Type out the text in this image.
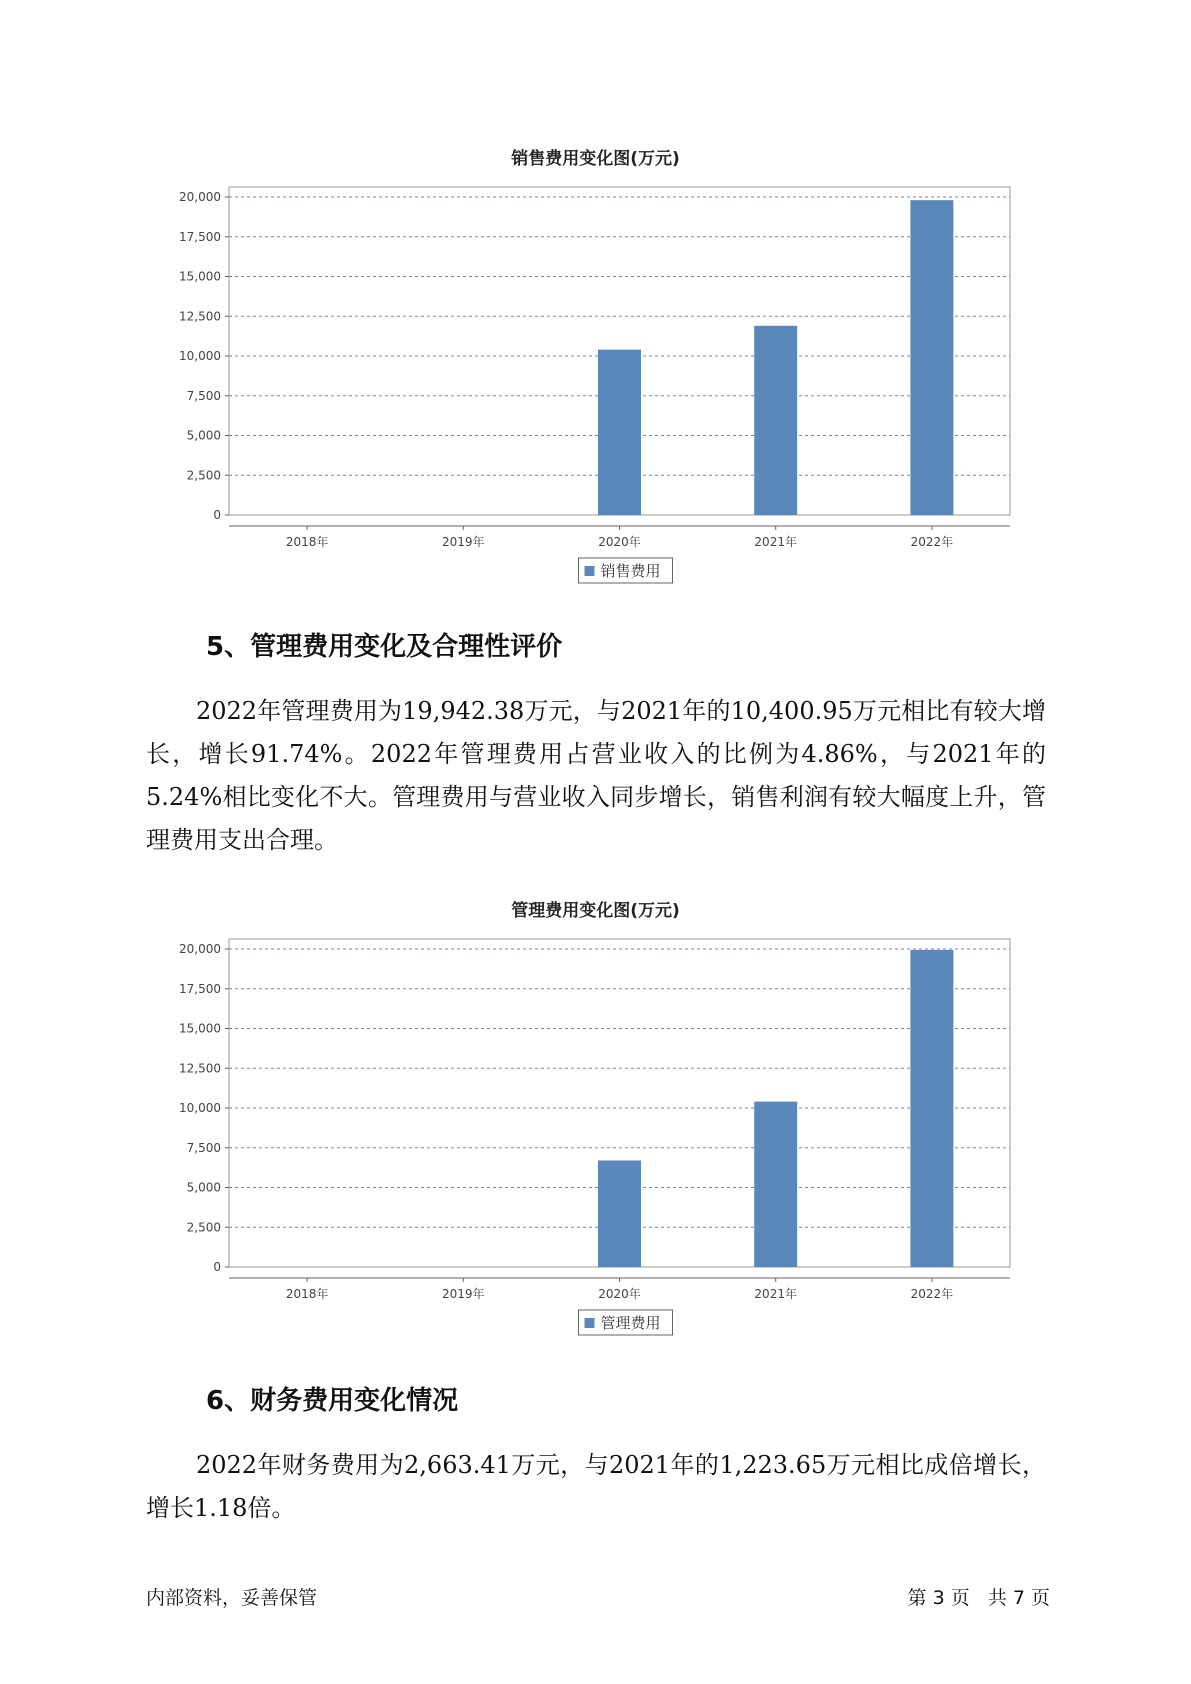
销售费用变化图(万元)
0
2,500
5,000
7,500
10,000
12,500
15,000
17,500
20,000
2018年	2019年	2020年	2021年	2022年
销售费用
5、管理费用变化及合理性评价
2022年管理费用为19,942.38万元，与2021年的10,400.95万元相比有较大增长，增长91.74%。2022年管理费用占营业收入的比例为4.86%，与2021年的5.24%相比变化不大。管理费用与营业收入同步增长，销售利润有较大幅度上升，管理费用支出合理。
管理费用变化图(万元)
0
2,500
5,000
7,500
10,000
12,500
15,000
17,500
20,000
2018年	2019年	2020年	2021年	2022年
管理费用
6、财务费用变化情况
2022年财务费用为2,663.41万元，与2021年的1,223.65万元相比成倍增长，增长1.18倍。
内部资料，妥善保管	第 3 页   共 7 页
